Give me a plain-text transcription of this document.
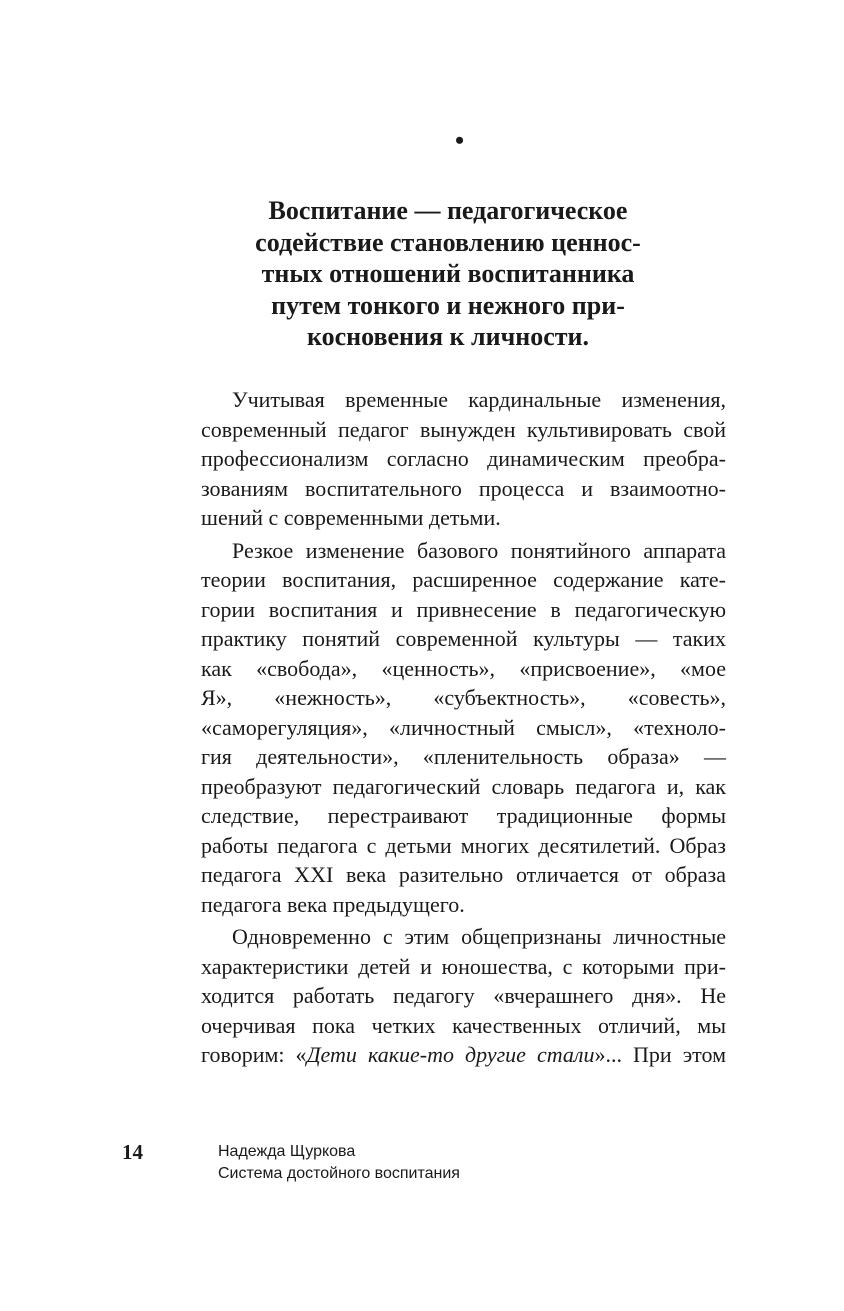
•
Воспитание — педагогическое
содействие становлению ценнос-
тных отношений воспитанника
путем тонкого и нежного при-
косновения к личности.
Учитывая временные кардинальные изменения,
современный педагог вынужден культивировать свой
профессионализм согласно динамическим преобра-
зованиям воспитательного процесса и взаимоотно-
шений с современными детьми.
Резкое изменение базового понятийного аппарата
теории воспитания, расширенное содержание кате-
гории воспитания и привнесение в педагогическую
практику понятий современной культуры — таких
как «свобода», «ценность», «присвоение», «мое
Я», «нежность», «субъектность», «совесть»,
«саморегуляция», «личностный смысл», «техноло-
гия деятельности», «пленительность образа» —
преобразуют педагогический словарь педагога и, как
следствие, перестраивают традиционные формы
работы педагога с детьми многих десятилетий. Образ
педагога XXI века разительно отличается от образа
педагога века предыдущего.
Одновременно с этим общепризнаны личностные
характеристики детей и юношества, с которыми при-
ходится работать педагогу «вчерашнего дня». Не
очерчивая пока четких качественных отличий, мы
говорим: «Дети какие-то другие стали»... При этом
14	Надежда Щуркова
Система достойного воспитания
